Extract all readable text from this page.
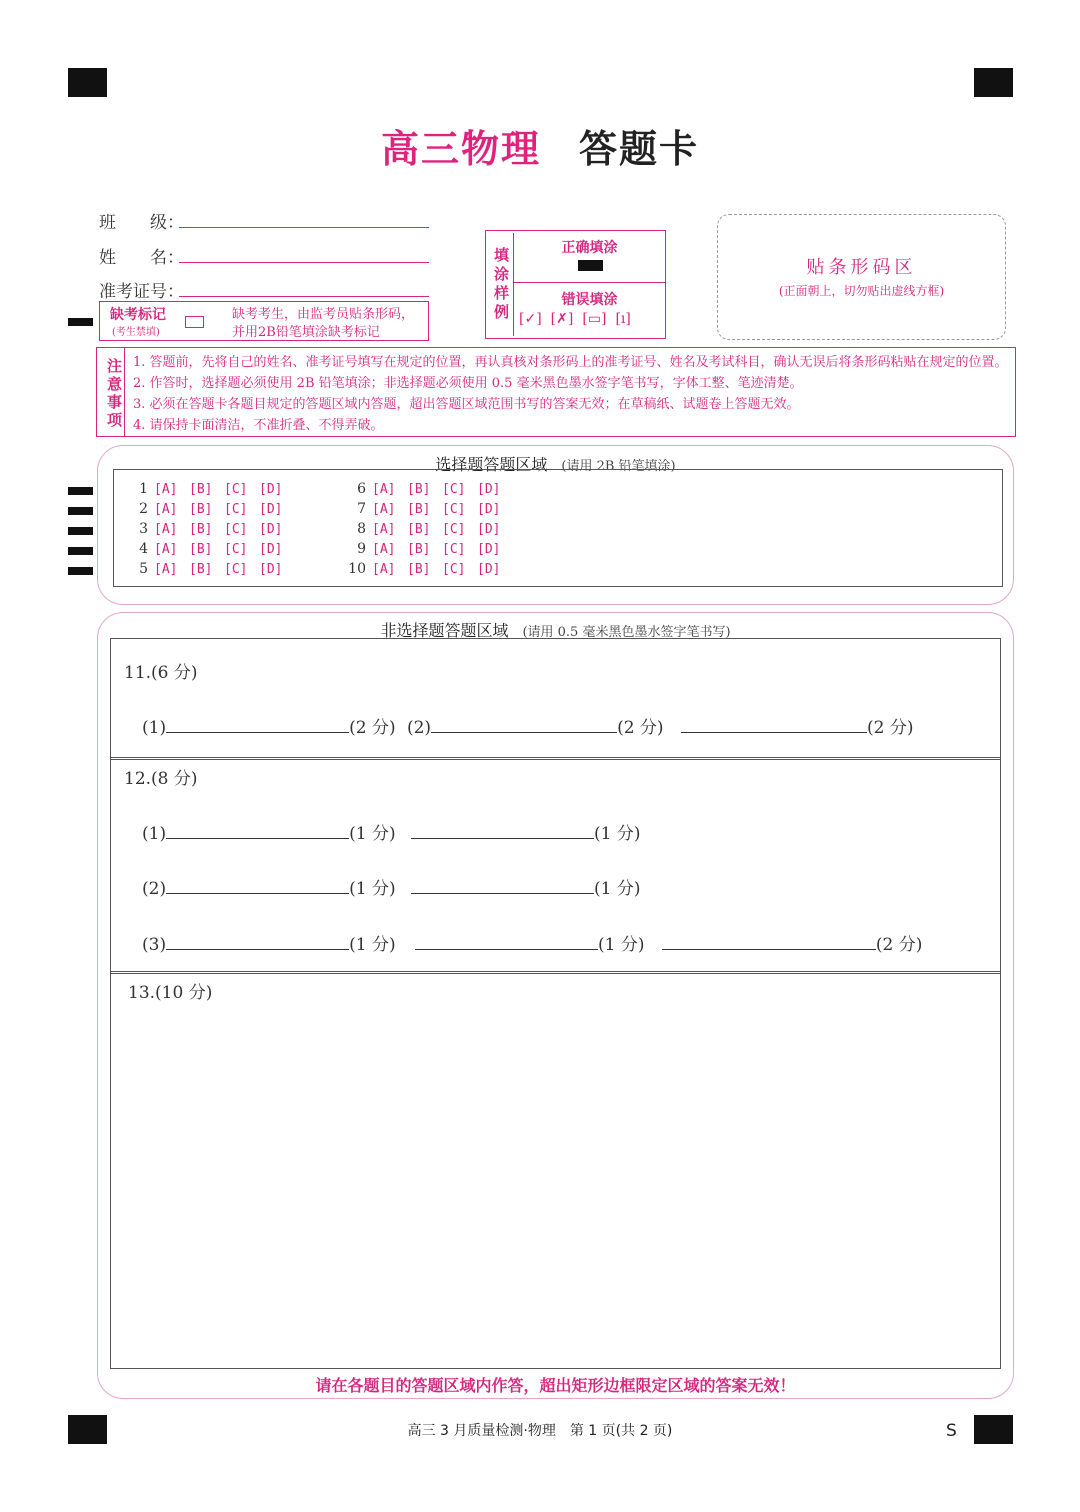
高三物理 答题卡
班　　级：
姓　　名：
准考证号：
缺考标记
(考生禁填)
缺考考生，由监考员贴条形码，
并用2B铅笔填涂缺考标记
填涂样例	正确填涂
错误填涂
[✓] [✗] [▭] [ı]
贴条形码区
(正面朝上，切勿贴出虚线方框)
注意事项 1. 答题前，先将自己的姓名、准考证号填写在规定的位置，再认真核对条形码上的准考证号、姓名及考试科目，确认无误后将条形码粘贴在规定的位置。
2. 作答时，选择题必须使用 2B 铅笔填涂；非选择题必须使用 0.5 毫米黑色墨水签字笔书写，字体工整、笔迹清楚。
3. 必须在答题卡各题目规定的答题区域内答题，超出答题区域范围书写的答案无效；在草稿纸、试题卷上答题无效。
4. 请保持卡面清洁，不准折叠、不得弄破。
选择题答题区域 (请用 2B 铅笔填涂)
1 [A] [B] [C] [D]
2 [A] [B] [C] [D]
3 [A] [B] [C] [D]
4 [A] [B] [C] [D]
5 [A] [B] [C] [D]
6 [A] [B] [C] [D]
7 [A] [B] [C] [D]
8 [A] [B] [C] [D]
9 [A] [B] [C] [D]
10 [A] [B] [C] [D]
非选择题答题区域 (请用 0.5 毫米黑色墨水签字笔书写)
请在各题目的答题区域内作答，超出矩形边框限定区域的答案无效！
11.(6 分)
(1)	(2 分) (2)	(2 分)	(2 分)
12.(8 分)
(1)	(1 分)	(1 分)
(2)	(1 分)	(1 分)
(3)	(1 分)	(1 分)	(2 分)
13.(10 分)
高三 3 月质量检测·物理　第 1 页(共 2 页)	S
